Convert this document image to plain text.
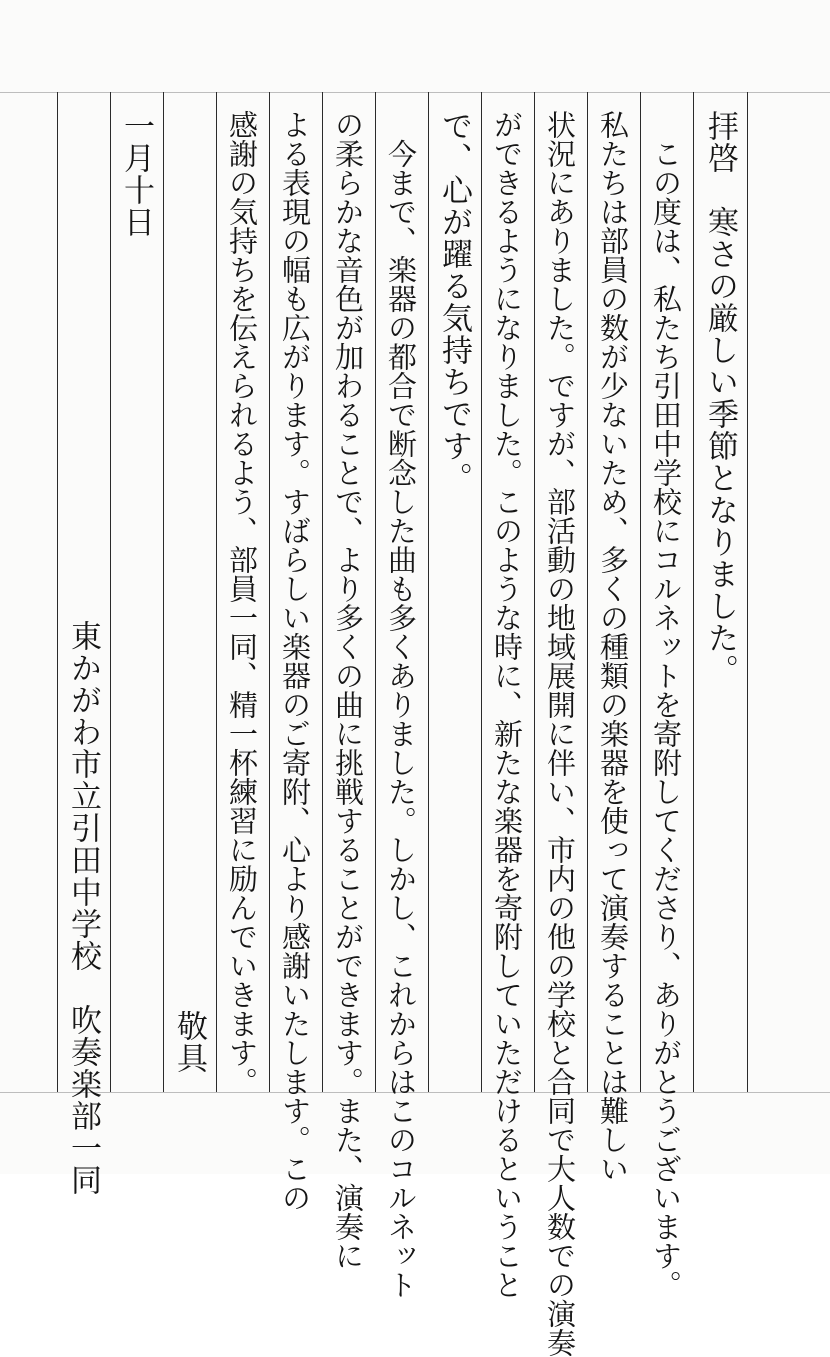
拝啓　寒さの厳しい季節となりました。
　この度は、私たち引田中学校にコルネットを寄附してくださり、ありがとうございます。
私たちは部員の数が少ないため、多くの種類の楽器を使って演奏することは難しい
状況にありました。ですが、部活動の地域展開に伴い、市内の他の学校と合同で大人数での演奏
ができるようになりました。このような時に、新たな楽器を寄附していただけるということ
で、心が躍る気持ちです。
　今まで、楽器の都合で断念した曲も多くありました。しかし、これからはこのコルネット
の柔らかな音色が加わることで、より多くの曲に挑戦することができます。また、演奏に
よる表現の幅も広がります。すばらしい楽器のご寄附、心より感謝いたします。この
感謝の気持ちを伝えられるよう、部員一同、精一杯練習に励んでいきます。
敬具
一月十日
東かがわ市立引田中学校　吹奏楽部一同
